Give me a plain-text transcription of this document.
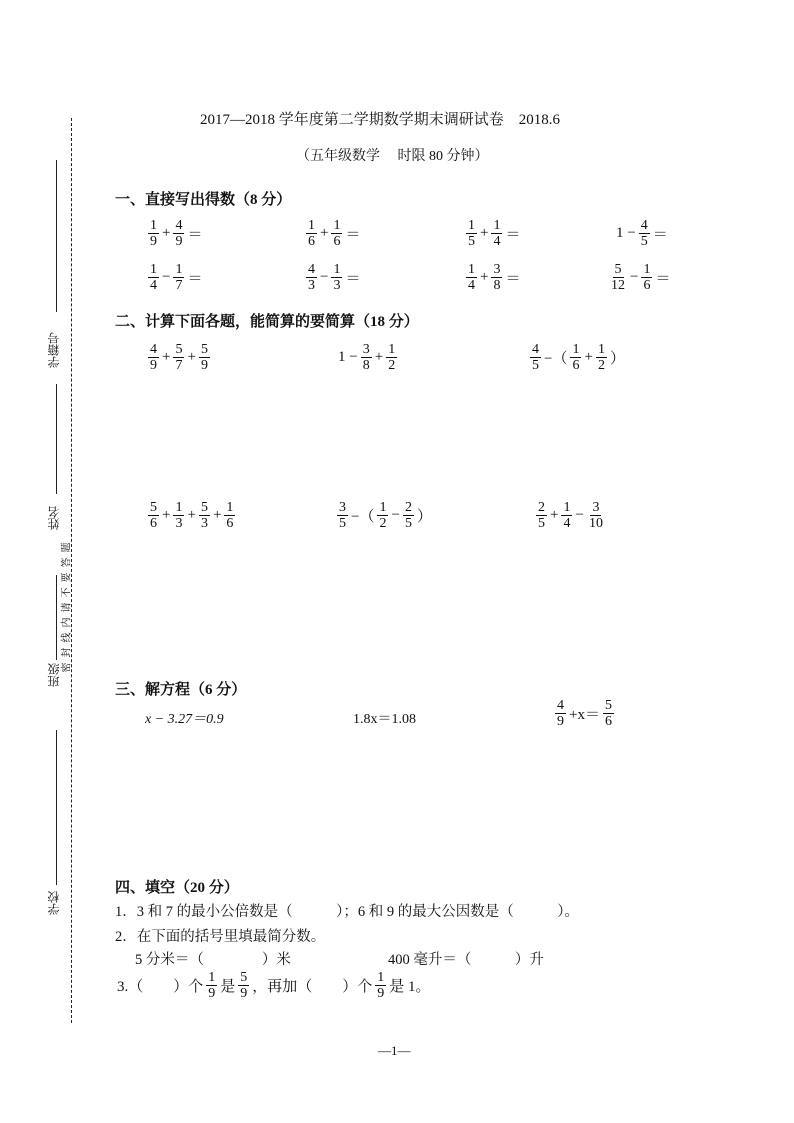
学籍号
姓名
班级
学校
密
封
线
内
请
不
要
答
题
2017—2018 学年度第二学期数学期末调研试卷　2018.6
（五年级数学　 时限 80 分钟）
一、直接写出得数（8 分）
$\frac{1}{9} + \frac{4}{9}$ ＝	$\frac{1}{6} + \frac{1}{6}$ ＝	$\frac{1}{5} + \frac{1}{4}$ ＝	$1 - \frac{4}{5}$ ＝
$\frac{1}{4} - \frac{1}{7}$ ＝	$\frac{4}{3} - \frac{1}{3}$ ＝	$\frac{1}{4} + \frac{3}{8}$ ＝	$\frac{5}{12} - \frac{1}{6}$ ＝
二、计算下面各题，能简算的要简算（18 分）
$\frac{4}{9} + \frac{5}{7} + \frac{5}{9}$	$1 - \frac{3}{8} + \frac{1}{2}$	$\frac{4}{5}$ −（ $\frac{1}{6} + \frac{1}{2}$ ）
$\frac{5}{6} + \frac{1}{3} + \frac{5}{3} + \frac{1}{6}$	$\frac{3}{5}$ −（ $\frac{1}{2} - \frac{2}{5}$ ）	$\frac{2}{5} + \frac{1}{4} - \frac{3}{10}$
三、解方程（6 分）
x − 3.27＝0.9	1.8x＝1.08	$\frac{4}{9} +x= \frac{5}{6}$
四、填空（20 分）
1．3 和 7 的最小公倍数是（　　　）；6 和 9 的最大公因数是（　　　）。
2．在下面的括号里填最简分数。
5 分米＝（　　　　）米	400 毫升＝（　　　）升
3.（　　）个 $\frac{1}{9}$ 是 $\frac{5}{9}$ ，再加（　　）个 $\frac{1}{9}$ 是 1。
—1—
